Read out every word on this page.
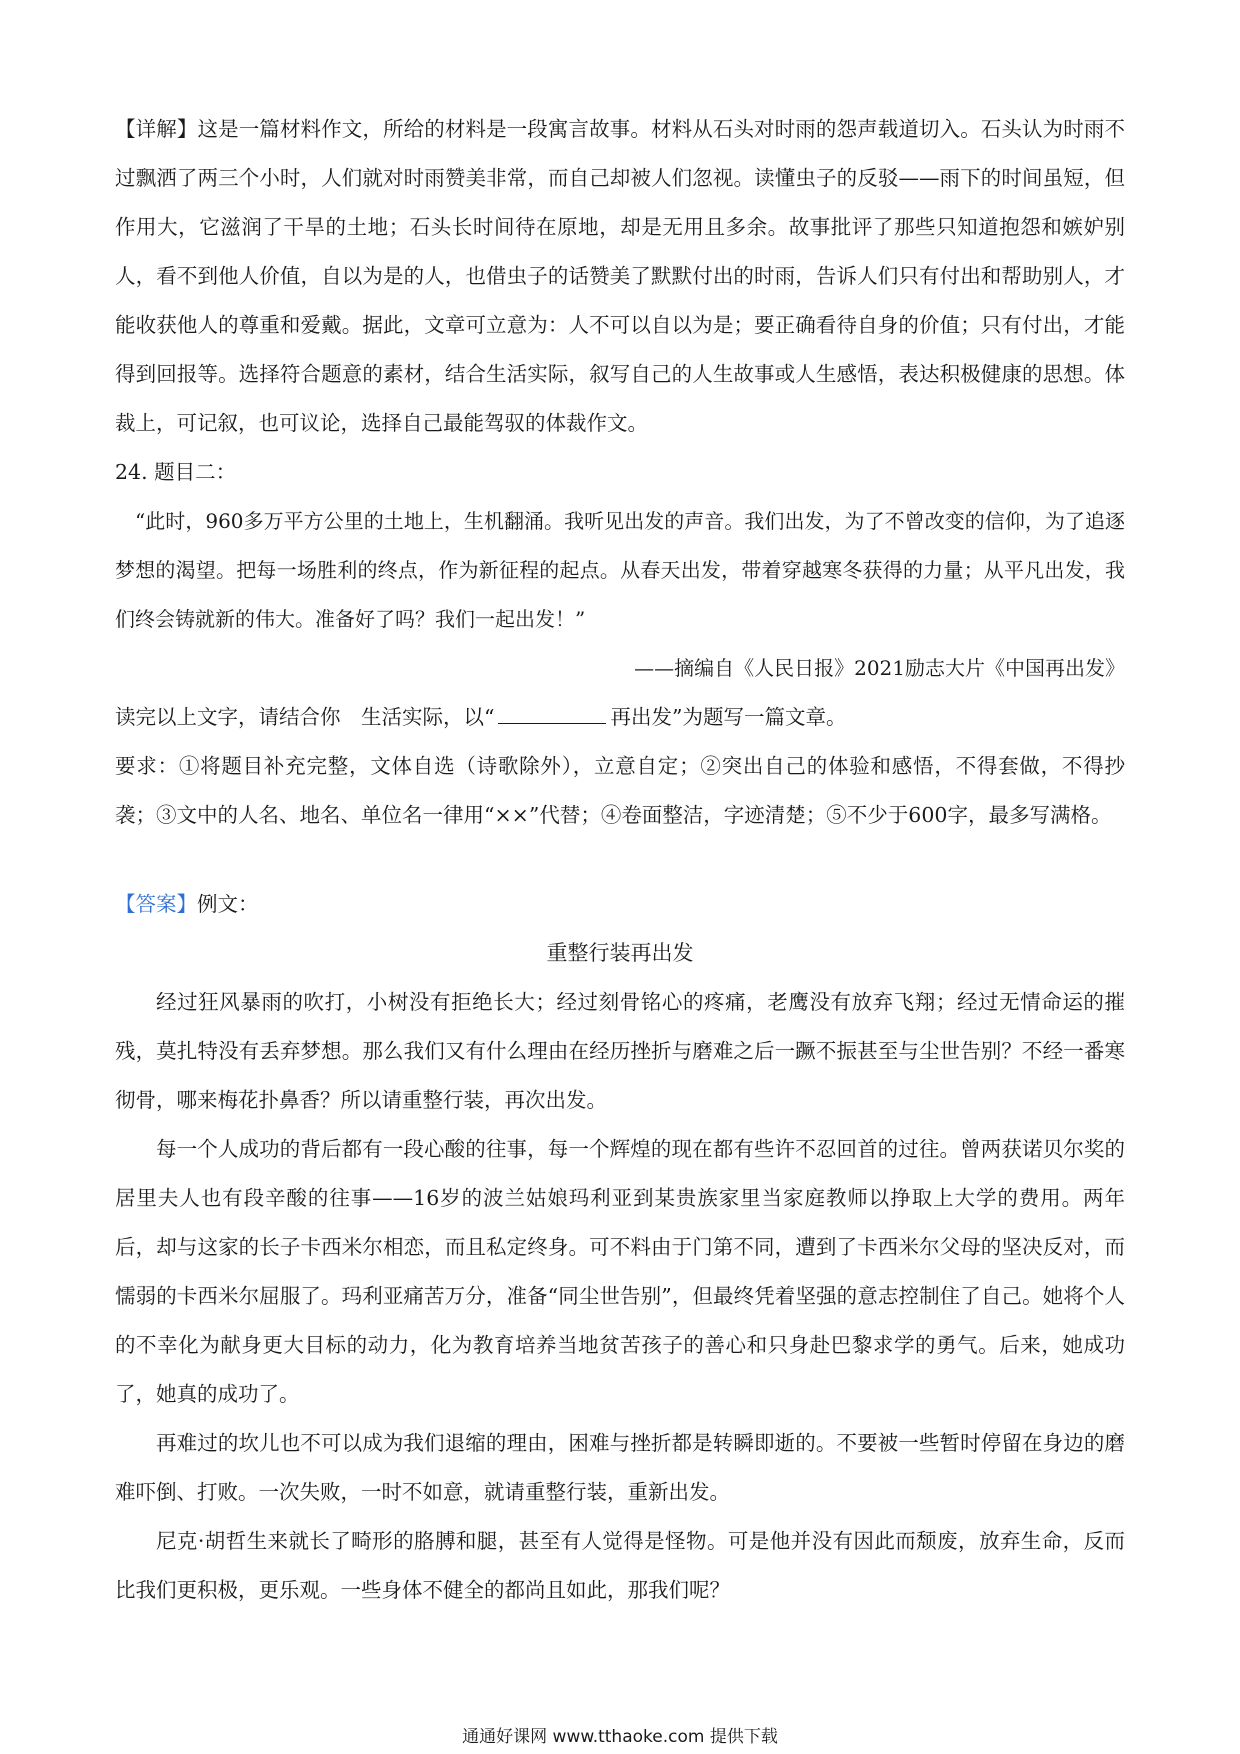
【详解】这是一篇材料作文，所给的材料是一段寓言故事。材料从石头对时雨的怨声载道切入。石头认为时雨不过飘洒了两三个小时，人们就对时雨赞美非常，而自己却被人们忽视。读懂虫子的反驳——雨下的时间虽短，但作用大，它滋润了干旱的土地；石头长时间待在原地，却是无用且多余。故事批评了那些只知道抱怨和嫉妒别人，看不到他人价值，自以为是的人，也借虫子的话赞美了默默付出的时雨，告诉人们只有付出和帮助别人，才能收获他人的尊重和爱戴。据此，文章可立意为：人不可以自以为是；要正确看待自身的价值；只有付出，才能得到回报等。选择符合题意的素材，结合生活实际，叙写自己的人生故事或人生感悟，表达积极健康的思想。体裁上，可记叙，也可议论，选择自己最能驾驭的体裁作文。

24. 题目二：

“此时，960多万平方公里的土地上，生机翻涌。我听见出发的声音。我们出发，为了不曾改变的信仰，为了追逐梦想的渴望。把每一场胜利的终点，作为新征程的起点。从春天出发，带着穿越寒冬获得的力量；从平凡出发，我们终会铸就新的伟大。准备好了吗？我们一起出发！”

——摘编自《人民日报》2021励志大片《中国再出发》

读完以上文字，请结合你　生活实际，以“	再出发”为题写一篇文章。

要求：①将题目补充完整，文体自选（诗歌除外），立意自定；②突出自己的体验和感悟，不得套做，不得抄袭；③文中的人名、地名、单位名一律用“××”代替；④卷面整洁，字迹清楚；⑤不少于600字，最多写满格。

【答案】例文：

重整行装再出发

经过狂风暴雨的吹打，小树没有拒绝长大；经过刻骨铭心的疼痛，老鹰没有放弃飞翔；经过无情命运的摧残，莫扎特没有丢弃梦想。那么我们又有什么理由在经历挫折与磨难之后一蹶不振甚至与尘世告别？不经一番寒彻骨，哪来梅花扑鼻香？所以请重整行装，再次出发。

每一个人成功的背后都有一段心酸的往事，每一个辉煌的现在都有些许不忍回首的过往。曾两获诺贝尔奖的居里夫人也有段辛酸的往事——16岁的波兰姑娘玛利亚到某贵族家里当家庭教师以挣取上大学的费用。两年后，却与这家的长子卡西米尔相恋，而且私定终身。可不料由于门第不同，遭到了卡西米尔父母的坚决反对，而懦弱的卡西米尔屈服了。玛利亚痛苦万分，准备“同尘世告别”，但最终凭着坚强的意志控制住了自己。她将个人的不幸化为献身更大目标的动力，化为教育培养当地贫苦孩子的善心和只身赴巴黎求学的勇气。后来，她成功了，她真的成功了。

再难过的坎儿也不可以成为我们退缩的理由，困难与挫折都是转瞬即逝的。不要被一些暂时停留在身边的磨难吓倒、打败。一次失败，一时不如意，就请重整行装，重新出发。

尼克·胡哲生来就长了畸形的胳膊和腿，甚至有人觉得是怪物。可是他并没有因此而颓废，放弃生命，反而比我们更积极，更乐观。一些身体不健全的都尚且如此，那我们呢？

通通好课网 www.tthaoke.com 提供下载
